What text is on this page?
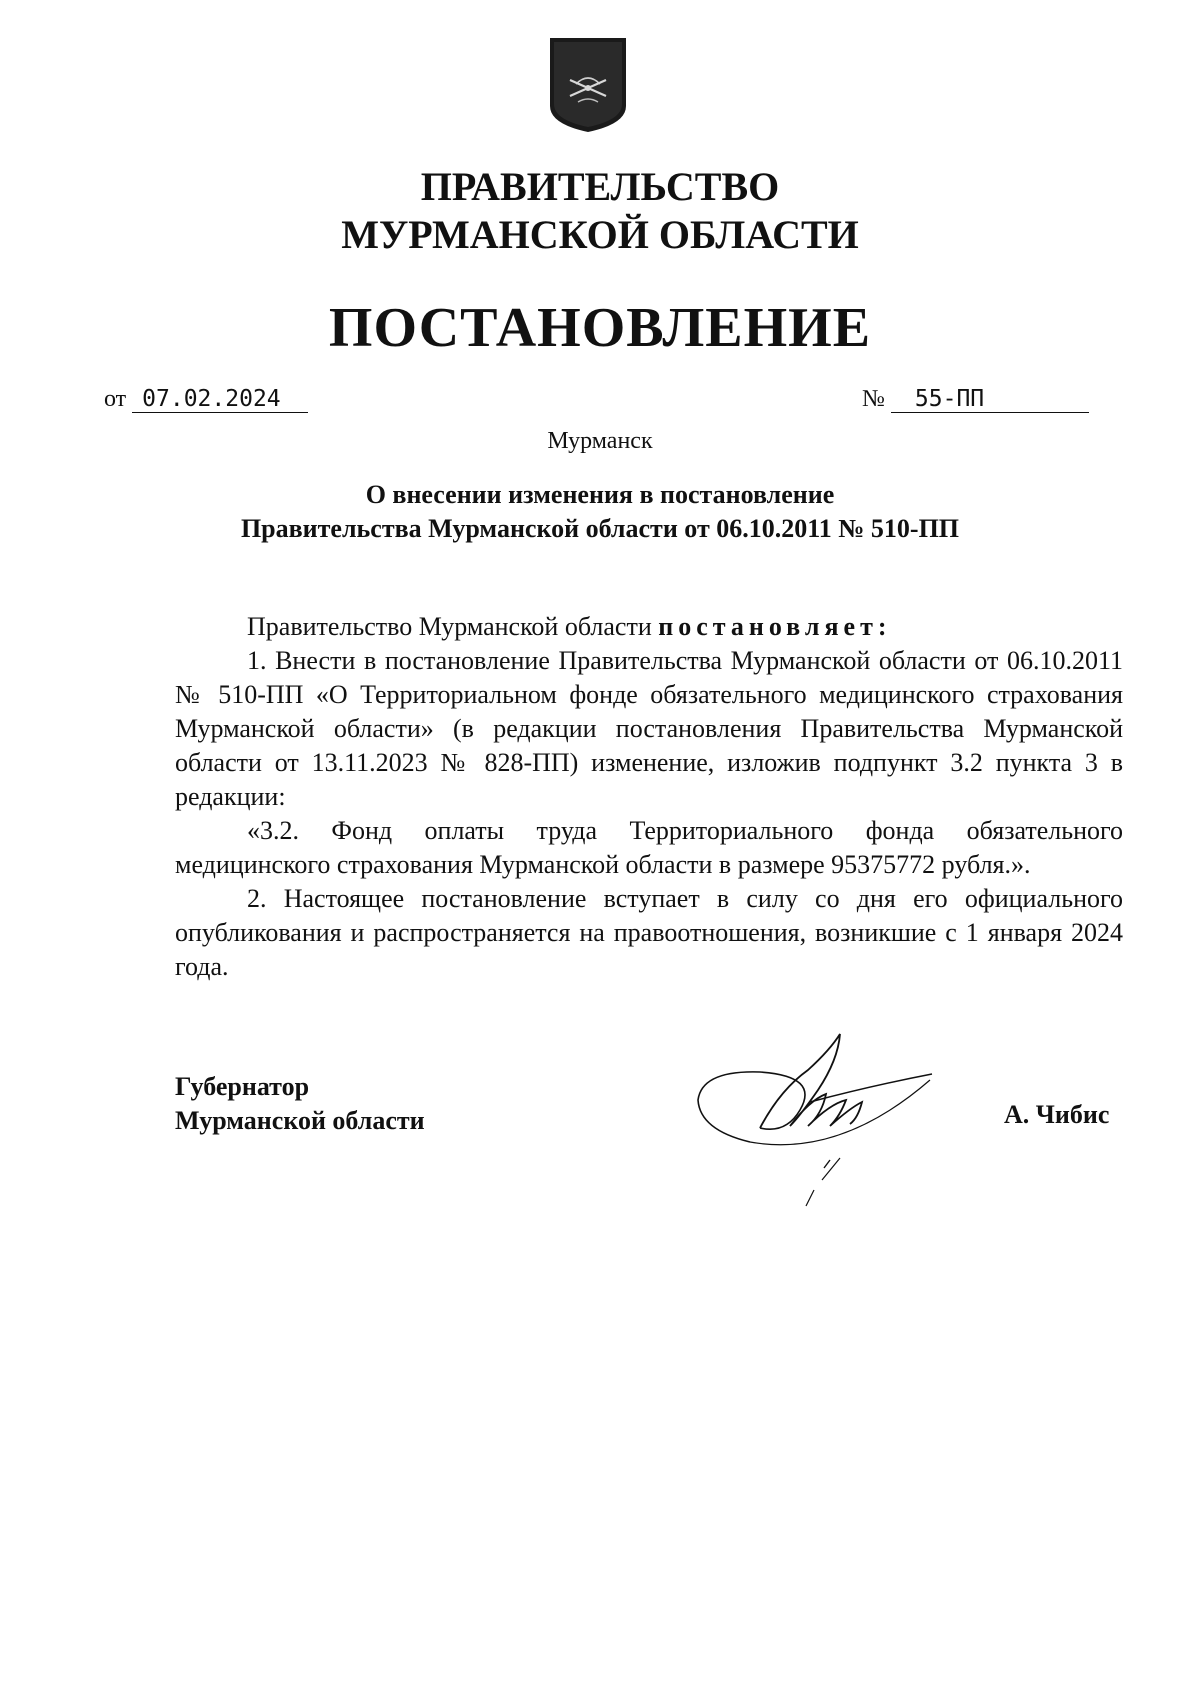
ПРАВИТЕЛЬСТВО
МУРМАНСКОЙ ОБЛАСТИ
ПОСТАНОВЛЕНИЕ
от 07.02.2024	№	55-ПП
Мурманск
О внесении изменения в постановление
Правительства Мурманской области от 06.10.2011 № 510-ПП

Правительство Мурманской области постановляет:

1. Внести в постановление Правительства Мурманской области от 06.10.2011 № 510-ПП «О Территориальном фонде обязательного медицинского страхования Мурманской области» (в редакции постановления Правительства Мурманской области от 13.11.2023 № 828-ПП) изменение, изложив подпункт 3.2 пункта 3 в редакции:

«3.2. Фонд оплаты труда Территориального фонда обязательного медицинского страхования Мурманской области в размере 95375772 рубля.».

2. Настоящее постановление вступает в силу со дня его официального опубликования и распространяется на правоотношения, возникшие с 1 января 2024 года.

Губернатор
Мурманской области	А. Чибис
